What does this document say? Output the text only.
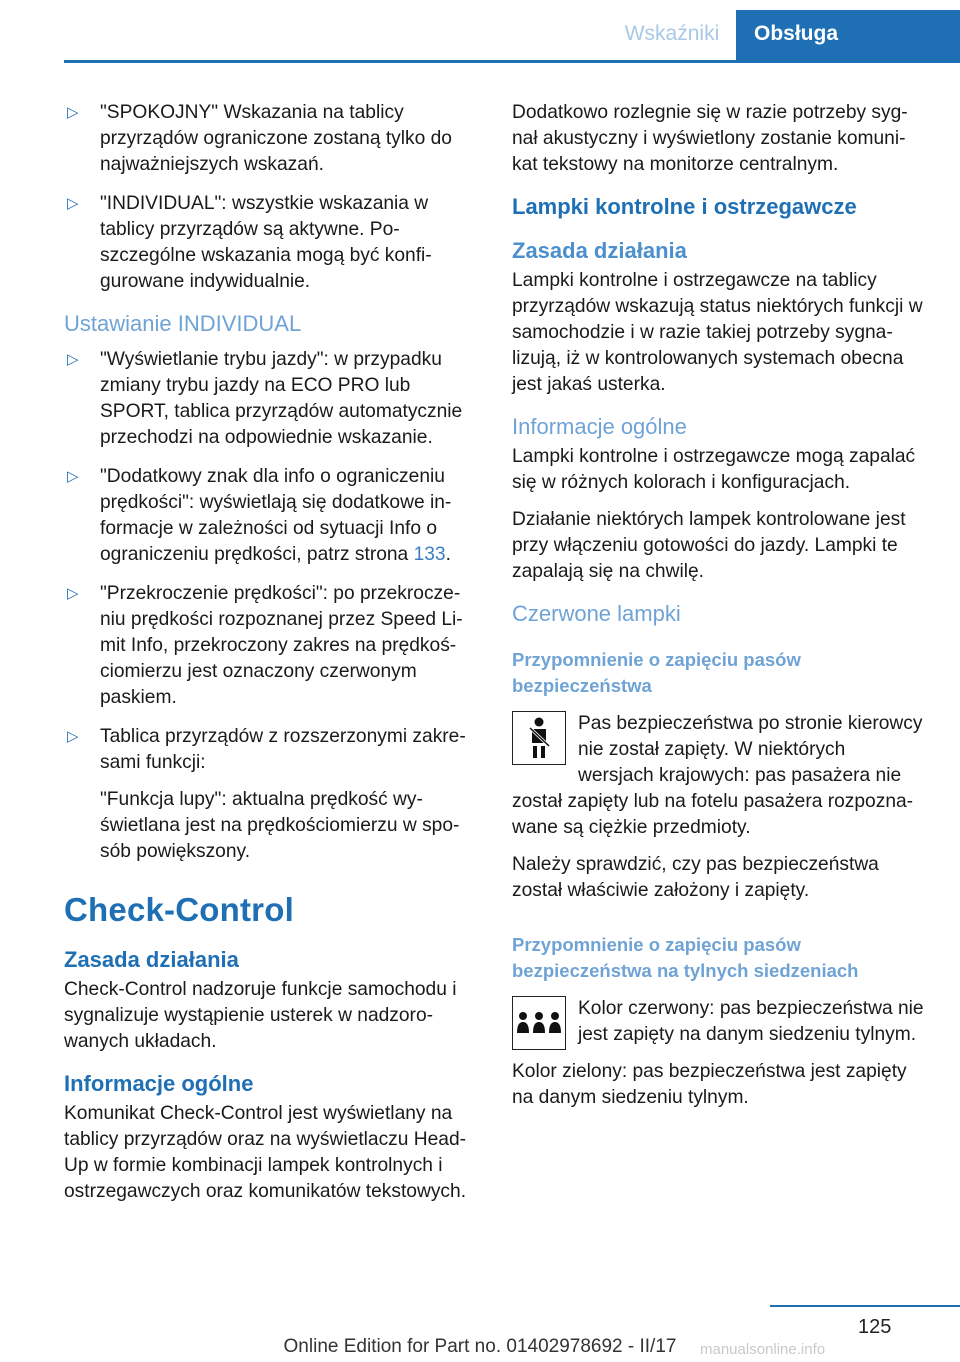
Wskaźniki	Obsługa
▷ "SPOKOJNY" Wskazania na tablicy przyrządów ograniczone zostaną tylko do najważniejszych wskazań.
▷ "INDIVIDUAL": wszystkie wskazania w tablicy przyrządów są aktywne. Poszczególne wskazania mogą być konfigurowane indywidualnie.
Ustawianie INDIVIDUAL
▷ "Wyświetlanie trybu jazdy": w przypadku zmiany trybu jazdy na ECO PRO lub SPORT, tablica przyrządów automatycznie przechodzi na odpowiednie wskazanie.
▷ "Dodatkowy znak dla info o ograniczeniu prędkości": wyświetlają się dodatkowe informacje w zależności od sytuacji Info o ograniczeniu prędkości, patrz strona 133.
▷ "Przekroczenie prędkości": po przekroczeniu prędkości rozpoznanej przez Speed Limit Info, przekroczony zakres na prędkościomierzu jest oznaczony czerwonym paskiem.
▷ Tablica przyrządów z rozszerzonymi zakresami funkcji:

"Funkcja lupy": aktualna prędkość wyświetlana jest na prędkościomierzu w sposób powiększony.

Check-Control
Zasada działania

Check-Control nadzoruje funkcje samochodu i sygnalizuje wystąpienie usterek w nadzorowanych układach.

Informacje ogólne

Komunikat Check-Control jest wyświetlany na tablicy przyrządów oraz na wyświetlaczu Head-Up w formie kombinacji lampek kontrolnych i ostrzegawczych oraz komunikatów tekstowych.

Dodatkowo rozlegnie się w razie potrzeby sygnał akustyczny i wyświetlony zostanie komunikat tekstowy na monitorze centralnym.

Lampki kontrolne i ostrzegawcze
Zasada działania

Lampki kontrolne i ostrzegawcze na tablicy przyrządów wskazują status niektórych funkcji w samochodzie i w razie takiej potrzeby sygnalizują, iż w kontrolowanych systemach obecna jest jakaś usterka.

Informacje ogólne

Lampki kontrolne i ostrzegawcze mogą zapalać się w różnych kolorach i konfiguracjach.

Działanie niektórych lampek kontrolowane jest przy włączeniu gotowości do jazdy. Lampki te zapalają się na chwilę.

Czerwone lampki
Przypomnienie o zapięciu pasów bezpieczeństwa

Pas bezpieczeństwa po stronie kierowcy nie został zapięty. W niektórych wersjach krajowych: pas pasażera nie został zapięty lub na fotelu pasażera rozpoznawane są ciężkie przedmioty.

Należy sprawdzić, czy pas bezpieczeństwa został właściwie założony i zapięty.

Przypomnienie o zapięciu pasów bezpieczeństwa na tylnych siedzeniach

Kolor czerwony: pas bezpieczeństwa nie jest zapięty na danym siedzeniu tylnym.

Kolor zielony: pas bezpieczeństwa jest zapięty na danym siedzeniu tylnym.

125
manualsonline.info
Online Edition for Part no. 01402978692 - II/17
